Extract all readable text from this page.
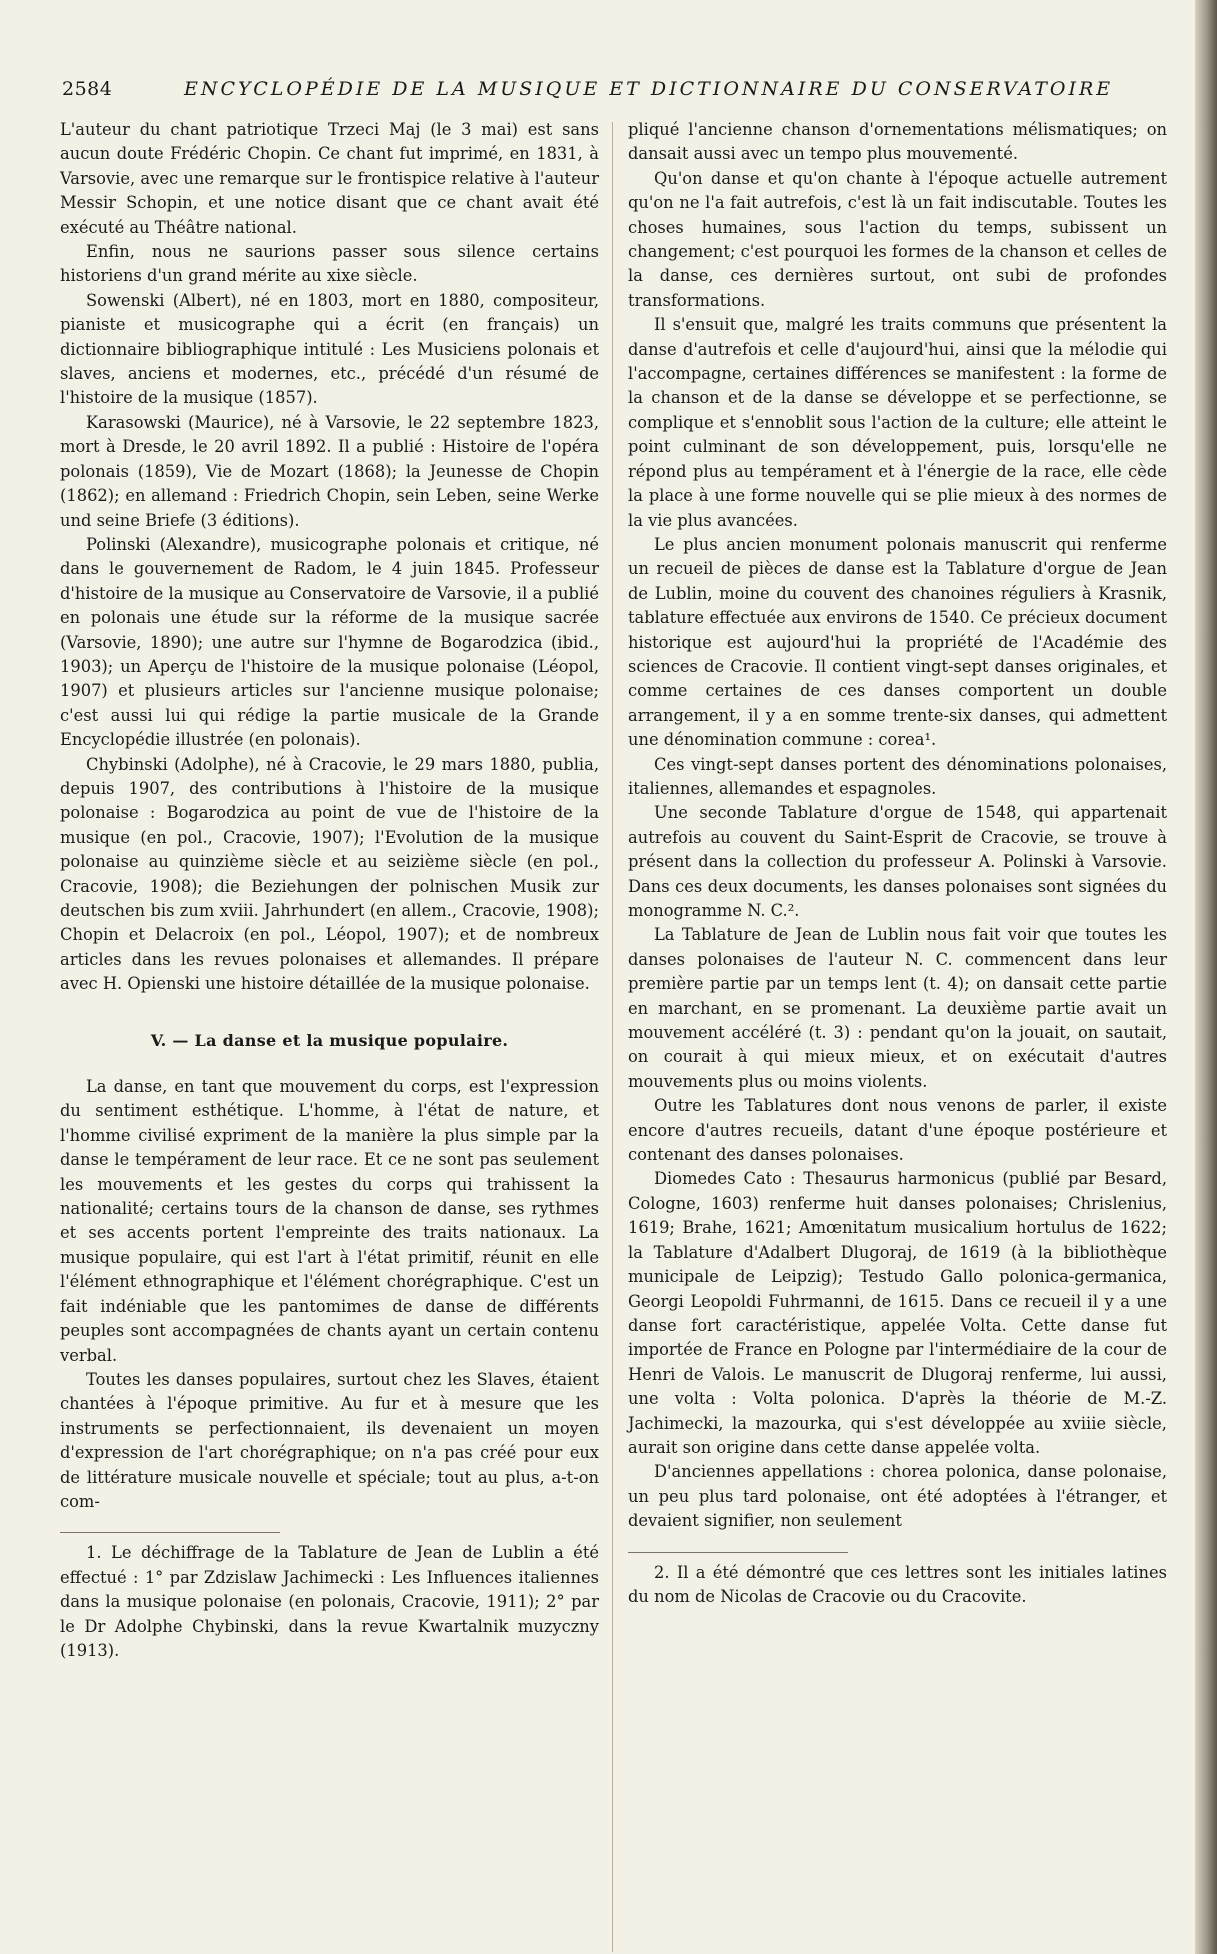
2584	ENCYCLOPÉDIE DE LA MUSIQUE ET DICTIONNAIRE DU CONSERVATOIRE

L'auteur du chant patriotique Trzeci Maj (le 3 mai) est sans aucun doute Frédéric Chopin. Ce chant fut imprimé, en 1831, à Varsovie, avec une remarque sur le frontispice relative à l'auteur Messir Schopin, et une notice disant que ce chant avait été exécuté au Théâtre national.

Enfin, nous ne saurions passer sous silence certains historiens d'un grand mérite au xixe siècle.

Sowenski (Albert), né en 1803, mort en 1880, compositeur, pianiste et musicographe qui a écrit (en français) un dictionnaire bibliographique intitulé : Les Musiciens polonais et slaves, anciens et modernes, etc., précédé d'un résumé de l'histoire de la musique (1857).

Karasowski (Maurice), né à Varsovie, le 22 septembre 1823, mort à Dresde, le 20 avril 1892. Il a publié : Histoire de l'opéra polonais (1859), Vie de Mozart (1868); la Jeunesse de Chopin (1862); en allemand : Friedrich Chopin, sein Leben, seine Werke und seine Briefe (3 éditions).

Polinski (Alexandre), musicographe polonais et critique, né dans le gouvernement de Radom, le 4 juin 1845. Professeur d'histoire de la musique au Conservatoire de Varsovie, il a publié en polonais une étude sur la réforme de la musique sacrée (Varsovie, 1890); une autre sur l'hymne de Bogarodzica (ibid., 1903); un Aperçu de l'histoire de la musique polonaise (Léopol, 1907) et plusieurs articles sur l'ancienne musique polonaise; c'est aussi lui qui rédige la partie musicale de la Grande Encyclopédie illustrée (en polonais).

Chybinski (Adolphe), né à Cracovie, le 29 mars 1880, publia, depuis 1907, des contributions à l'histoire de la musique polonaise : Bogarodzica au point de vue de l'histoire de la musique (en pol., Cracovie, 1907); l'Evolution de la musique polonaise au quinzième siècle et au seizième siècle (en pol., Cracovie, 1908); die Beziehungen der polnischen Musik zur deutschen bis zum xviii. Jahrhundert (en allem., Cracovie, 1908); Chopin et Delacroix (en pol., Léopol, 1907); et de nombreux articles dans les revues polonaises et allemandes. Il prépare avec H. Opienski une histoire détaillée de la musique polonaise.

V. — La danse et la musique populaire.

La danse, en tant que mouvement du corps, est l'expression du sentiment esthétique. L'homme, à l'état de nature, et l'homme civilisé expriment de la manière la plus simple par la danse le tempérament de leur race. Et ce ne sont pas seulement les mouvements et les gestes du corps qui trahissent la nationalité; certains tours de la chanson de danse, ses rythmes et ses accents portent l'empreinte des traits nationaux. La musique populaire, qui est l'art à l'état primitif, réunit en elle l'élément ethnographique et l'élément chorégraphique. C'est un fait indéniable que les pantomimes de danse de différents peuples sont accompagnées de chants ayant un certain contenu verbal.

Toutes les danses populaires, surtout chez les Slaves, étaient chantées à l'époque primitive. Au fur et à mesure que les instruments se perfectionnaient, ils devenaient un moyen d'expression de l'art chorégraphique; on n'a pas créé pour eux de littérature musicale nouvelle et spéciale; tout au plus, a-t-on com-

1. Le déchiffrage de la Tablature de Jean de Lublin a été effectué : 1° par Zdzislaw Jachimecki : Les Influences italiennes dans la musique polonaise (en polonais, Cracovie, 1911); 2° par le Dr Adolphe Chybinski, dans la revue Kwartalnik muzyczny (1913).

pliqué l'ancienne chanson d'ornementations mélismatiques; on dansait aussi avec un tempo plus mouvementé.

Qu'on danse et qu'on chante à l'époque actuelle autrement qu'on ne l'a fait autrefois, c'est là un fait indiscutable. Toutes les choses humaines, sous l'action du temps, subissent un changement; c'est pourquoi les formes de la chanson et celles de la danse, ces dernières surtout, ont subi de profondes transformations.

Il s'ensuit que, malgré les traits communs que présentent la danse d'autrefois et celle d'aujourd'hui, ainsi que la mélodie qui l'accompagne, certaines différences se manifestent : la forme de la chanson et de la danse se développe et se perfectionne, se complique et s'ennoblit sous l'action de la culture; elle atteint le point culminant de son développement, puis, lorsqu'elle ne répond plus au tempérament et à l'énergie de la race, elle cède la place à une forme nouvelle qui se plie mieux à des normes de la vie plus avancées.

Le plus ancien monument polonais manuscrit qui renferme un recueil de pièces de danse est la Tablature d'orgue de Jean de Lublin, moine du couvent des chanoines réguliers à Krasnik, tablature effectuée aux environs de 1540. Ce précieux document historique est aujourd'hui la propriété de l'Académie des sciences de Cracovie. Il contient vingt-sept danses originales, et comme certaines de ces danses comportent un double arrangement, il y a en somme trente-six danses, qui admettent une dénomination commune : corea¹.

Ces vingt-sept danses portent des dénominations polonaises, italiennes, allemandes et espagnoles.

Une seconde Tablature d'orgue de 1548, qui appartenait autrefois au couvent du Saint-Esprit de Cracovie, se trouve à présent dans la collection du professeur A. Polinski à Varsovie. Dans ces deux documents, les danses polonaises sont signées du monogramme N. C.².

La Tablature de Jean de Lublin nous fait voir que toutes les danses polonaises de l'auteur N. C. commencent dans leur première partie par un temps lent (t. 4); on dansait cette partie en marchant, en se promenant. La deuxième partie avait un mouvement accéléré (t. 3) : pendant qu'on la jouait, on sautait, on courait à qui mieux mieux, et on exécutait d'autres mouvements plus ou moins violents.

Outre les Tablatures dont nous venons de parler, il existe encore d'autres recueils, datant d'une époque postérieure et contenant des danses polonaises.

Diomedes Cato : Thesaurus harmonicus (publié par Besard, Cologne, 1603) renferme huit danses polonaises; Chrislenius, 1619; Brahe, 1621; Amœnitatum musicalium hortulus de 1622; la Tablature d'Adalbert Dlugoraj, de 1619 (à la bibliothèque municipale de Leipzig); Testudo Gallo polonica-germanica, Georgi Leopoldi Fuhrmanni, de 1615. Dans ce recueil il y a une danse fort caractéristique, appelée Volta. Cette danse fut importée de France en Pologne par l'intermédiaire de la cour de Henri de Valois. Le manuscrit de Dlugoraj renferme, lui aussi, une volta : Volta polonica. D'après la théorie de M.-Z. Jachimecki, la mazourka, qui s'est développée au xviiie siècle, aurait son origine dans cette danse appelée volta.

D'anciennes appellations : chorea polonica, danse polonaise, un peu plus tard polonaise, ont été adoptées à l'étranger, et devaient signifier, non seulement

2. Il a été démontré que ces lettres sont les initiales latines du nom de Nicolas de Cracovie ou du Cracovite.
